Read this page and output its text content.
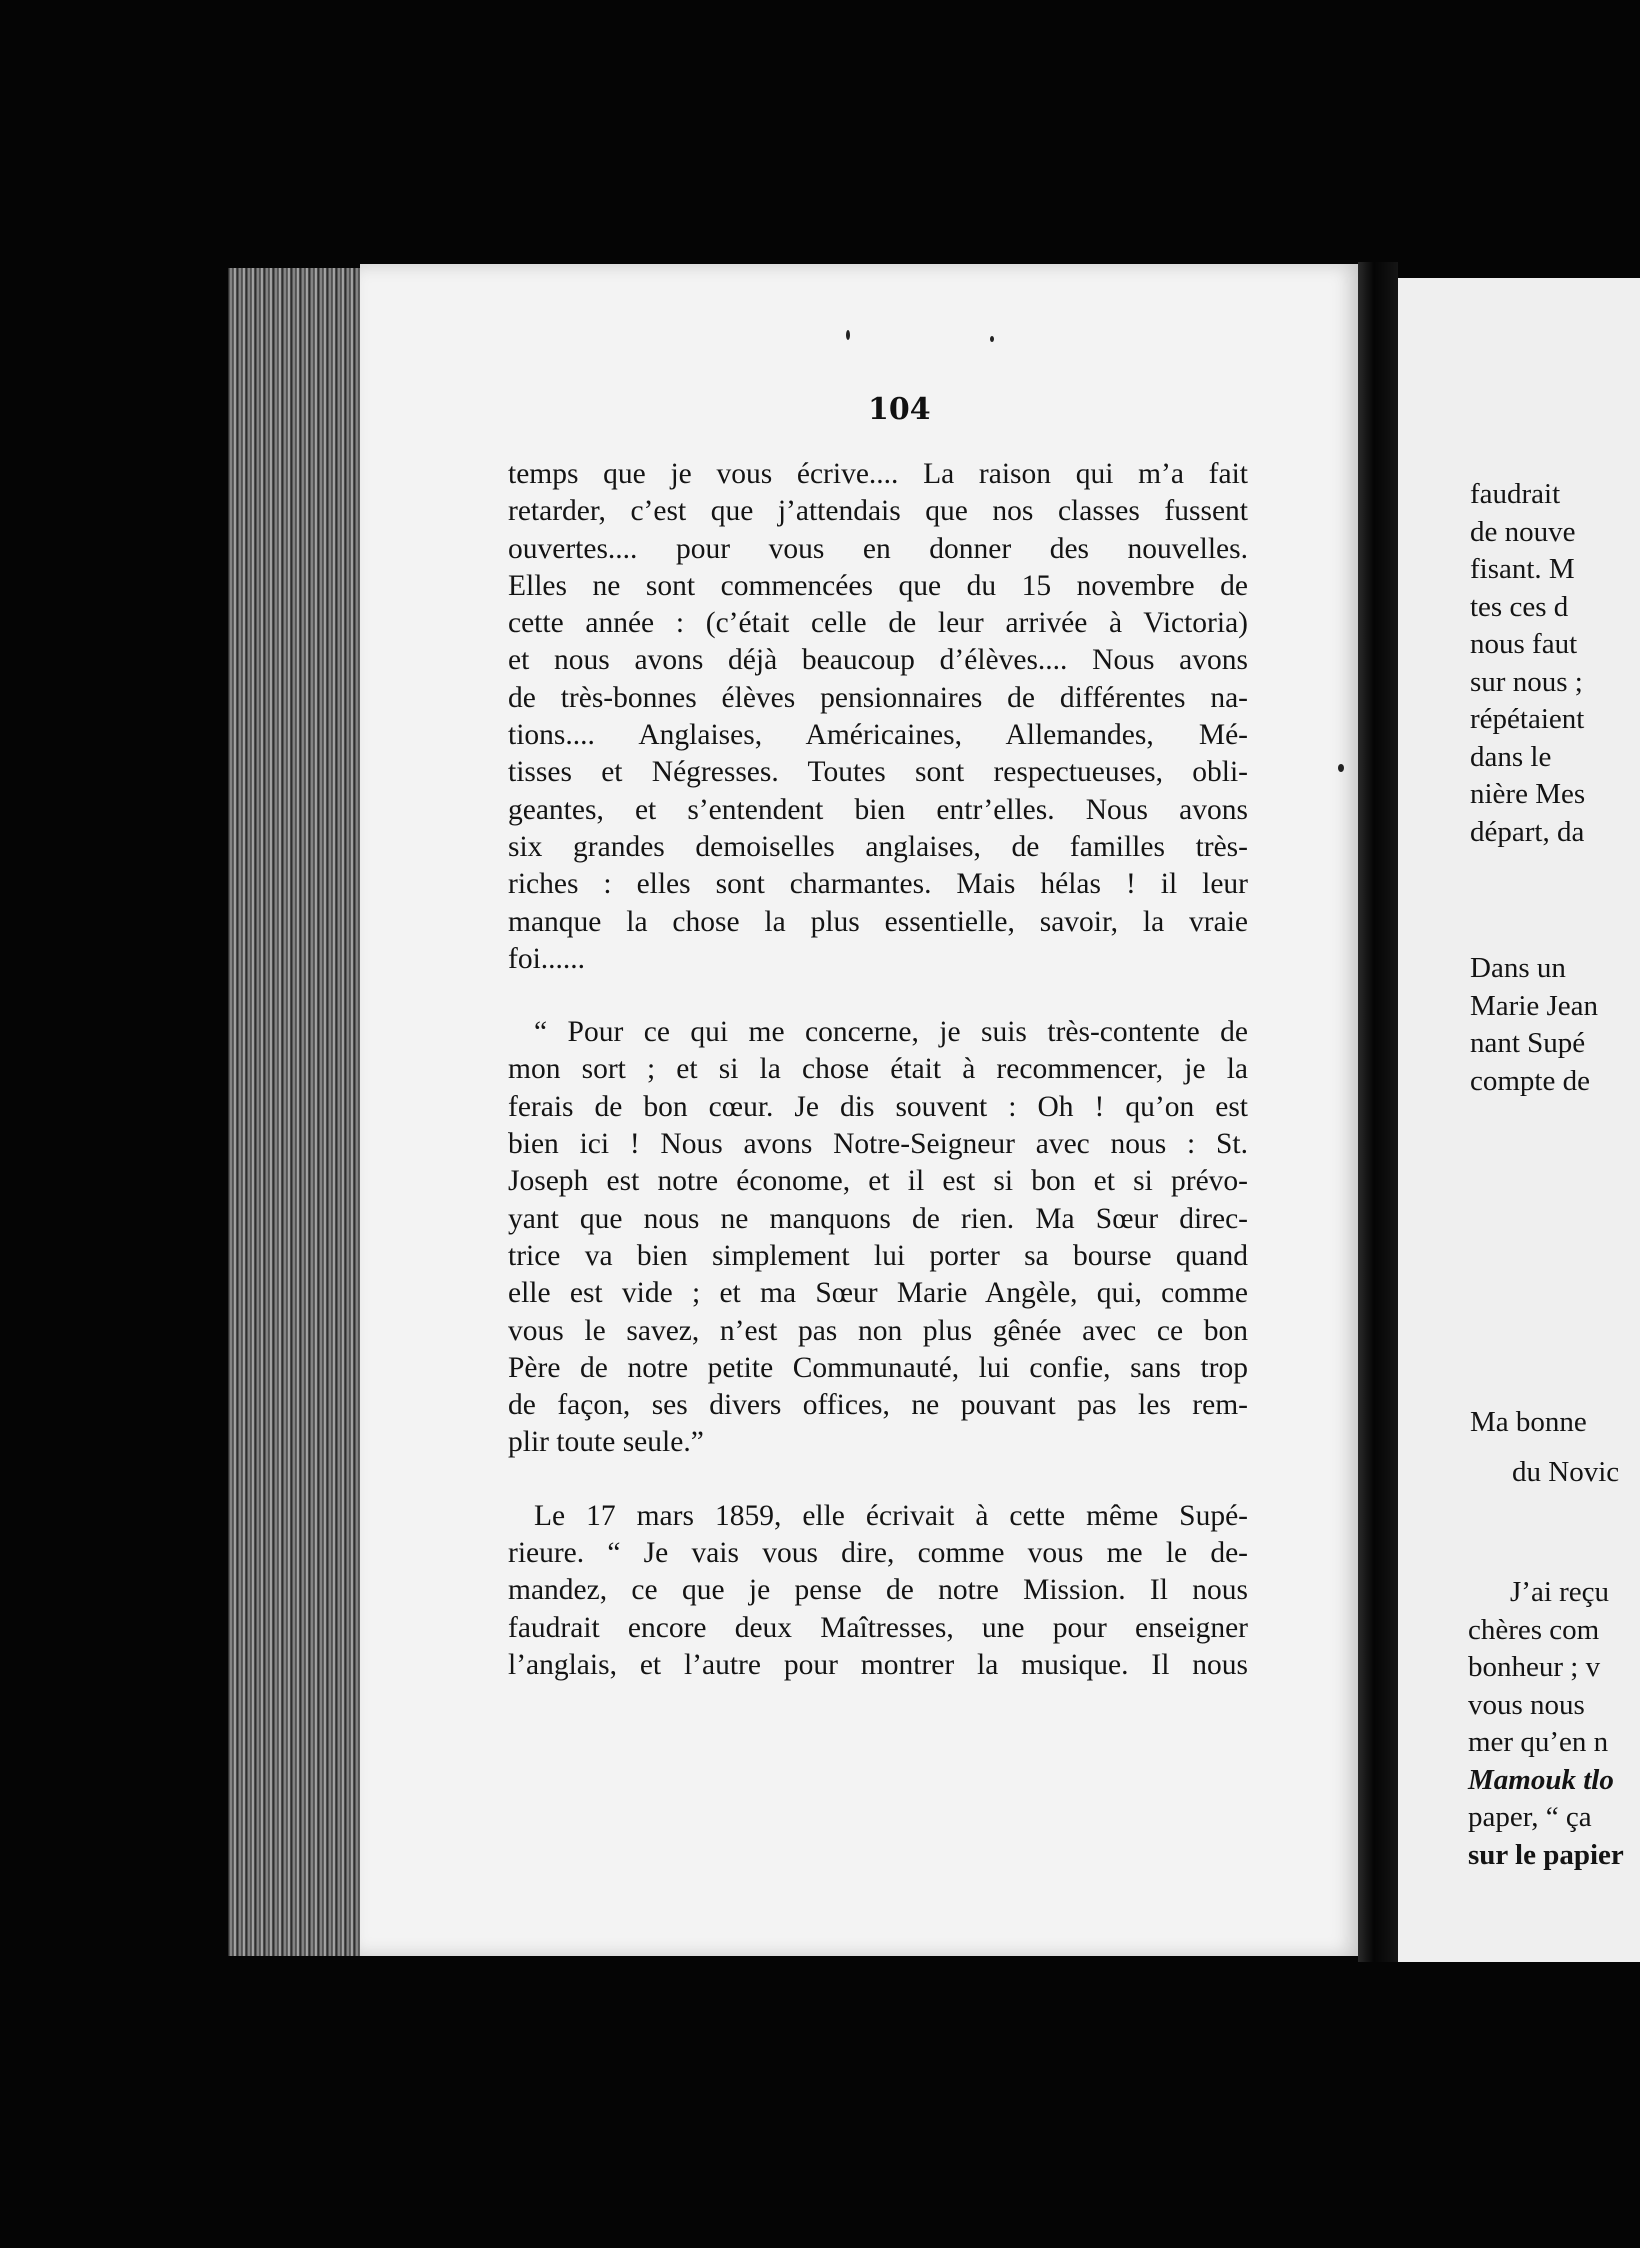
104
temps que je vous écrive.... La raison qui m’a fait
retarder, c’est que j’attendais que nos classes fussent
ouvertes.... pour vous en donner des nouvelles.
Elles ne sont commencées que du 15 novembre de
cette année : (c’était celle de leur arrivée à Victoria)
et nous avons déjà beaucoup d’élèves.... Nous avons
de très-bonnes élèves pensionnaires de différentes na-
tions.... Anglaises, Américaines, Allemandes, Mé-
tisses et Négresses. Toutes sont respectueuses, obli-
geantes, et s’entendent bien entr’elles. Nous avons
six grandes demoiselles anglaises, de familles très-
riches : elles sont charmantes. Mais hélas ! il leur
manque la chose la plus essentielle, savoir, la vraie
foi......
“ Pour ce qui me concerne, je suis très-contente de
mon sort ; et si la chose était à recommencer, je la
ferais de bon cœur. Je dis souvent : Oh ! qu’on est
bien ici ! Nous avons Notre-Seigneur avec nous : St.
Joseph est notre économe, et il est si bon et si prévo-
yant que nous ne manquons de rien. Ma Sœur direc-
trice va bien simplement lui porter sa bourse quand
elle est vide ; et ma Sœur Marie Angèle, qui, comme
vous le savez, n’est pas non plus gênée avec ce bon
Père de notre petite Communauté, lui confie, sans trop
de façon, ses divers offices, ne pouvant pas les rem-
plir toute seule.”
Le 17 mars 1859, elle écrivait à cette même Supé-
rieure. “ Je vais vous dire, comme vous me le de-
mandez, ce que je pense de notre Mission. Il nous
faudrait encore deux Maîtresses, une pour enseigner
l’anglais, et l’autre pour montrer la musique. Il nous
faudrait
de nouve
fisant. M
tes ces d
nous faut
sur nous ;
répétaient
dans le
nière Mes
départ, da
Dans un
Marie Jean
nant Supé
compte de
Ma bonne
du Novic
J’ai reçu
chères com
bonheur ; v
vous nous
mer qu’en n
Mamouk tlo
paper, “ ça
sur le papier
